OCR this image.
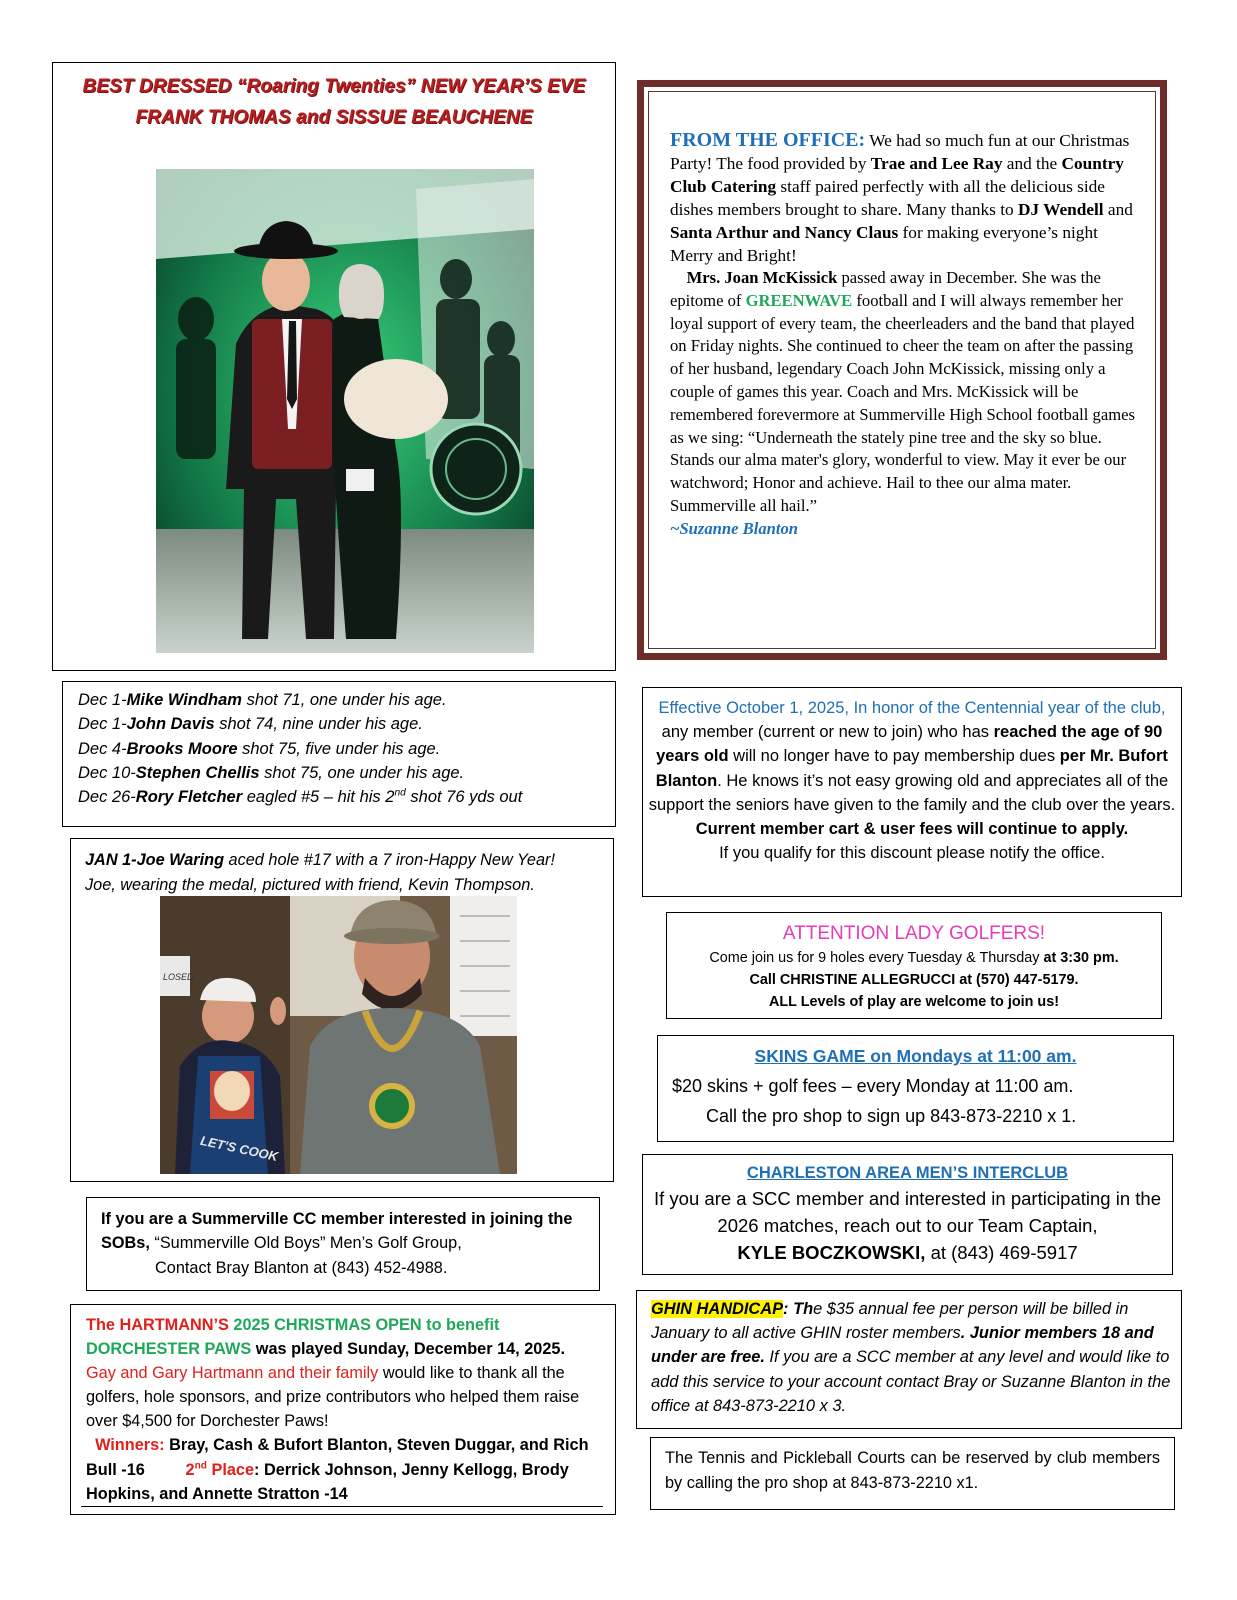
BEST DRESSED “Roaring Twenties” NEW YEAR’S EVE

FRANK THOMAS and SISSUE BEAUCHENE

FROM THE OFFICE: We had so much fun at our Christmas Party! The food provided by Trae and Lee Ray and the Country Club Catering staff paired perfectly with all the delicious side dishes members brought to share. Many thanks to DJ Wendell and Santa Arthur and Nancy Claus for making everyone’s night Merry and Bright!

Mrs. Joan McKissick passed away in December. She was the epitome of GREENWAVE football and I will always remember her loyal support of every team, the cheerleaders and the band that played on Friday nights. She continued to cheer the team on after the passing of her husband, legendary Coach John McKissick, missing only a couple of games this year. Coach and Mrs. McKissick will be remembered forevermore at Summerville High School football games as we sing: “Underneath the stately pine tree and the sky so blue. Stands our alma mater's glory, wonderful to view. May it ever be our watchword; Honor and achieve. Hail to thee our alma mater. Summerville all hail.”

~Suzanne Blanton

Dec 1-Mike Windham shot 71, one under his age.

Dec 1-John Davis shot 74, nine under his age.

Dec 4-Brooks Moore shot 75, five under his age.

Dec 10-Stephen Chellis shot 75, one under his age.

Dec 26-Rory Fletcher eagled #5 – hit his 2nd shot 76 yds out

JAN 1-Joe Waring aced hole #17 with a 7 iron-Happy New Year!

Joe, wearing the medal, pictured with friend, Kevin Thompson.

LOSED
LET'S COOK

If you are a Summerville CC member interested in joining the SOBs, “Summerville Old Boys” Men’s Golf Group,

Contact Bray Blanton at (843) 452-4988.

The HARTMANN’S 2025 CHRISTMAS OPEN to benefit DORCHESTER PAWS was played Sunday, December 14, 2025.
Gay and Gary Hartmann and their family would like to thank all the golfers, hole sponsors, and prize contributors who helped them raise over $4,500 for Dorchester Paws!

Winners: Bray, Cash & Bufort Blanton, Steven Duggar, and Rich Bull -16 2nd Place: Derrick Johnson, Jenny Kellogg, Brody Hopkins, and Annette Stratton -14

Effective October 1, 2025, In honor of the Centennial year of the club, any member (current or new to join) who has reached the age of 90 years old will no longer have to pay membership dues per Mr. Bufort Blanton. He knows it’s not easy growing old and appreciates all of the support the seniors have given to the family and the club over the years.

Current member cart & user fees will continue to apply.

If you qualify for this discount please notify the office.

ATTENTION LADY GOLFERS!

Come join us for 9 holes every Tuesday & Thursday at 3:30 pm.

Call CHRISTINE ALLEGRUCCI at (570) 447-5179.

ALL Levels of play are welcome to join us!

SKINS GAME on Mondays at 11:00 am.

$20 skins + golf fees – every Monday at 11:00 am.

Call the pro shop to sign up 843-873-2210 x 1.

CHARLESTON AREA MEN’S INTERCLUB

If you are a SCC member and interested in participating in the 2026 matches, reach out to our Team Captain,

KYLE BOCZKOWSKI, at (843) 469-5917

GHIN HANDICAP: The $35 annual fee per person will be billed in January to all active GHIN roster members. Junior members 18 and under are free. If you are a SCC member at any level and would like to add this service to your account contact Bray or Suzanne Blanton in the office at 843-873-2210 x 3.

The Tennis and Pickleball Courts can be reserved by club members by calling the pro shop at 843-873-2210 x1.
